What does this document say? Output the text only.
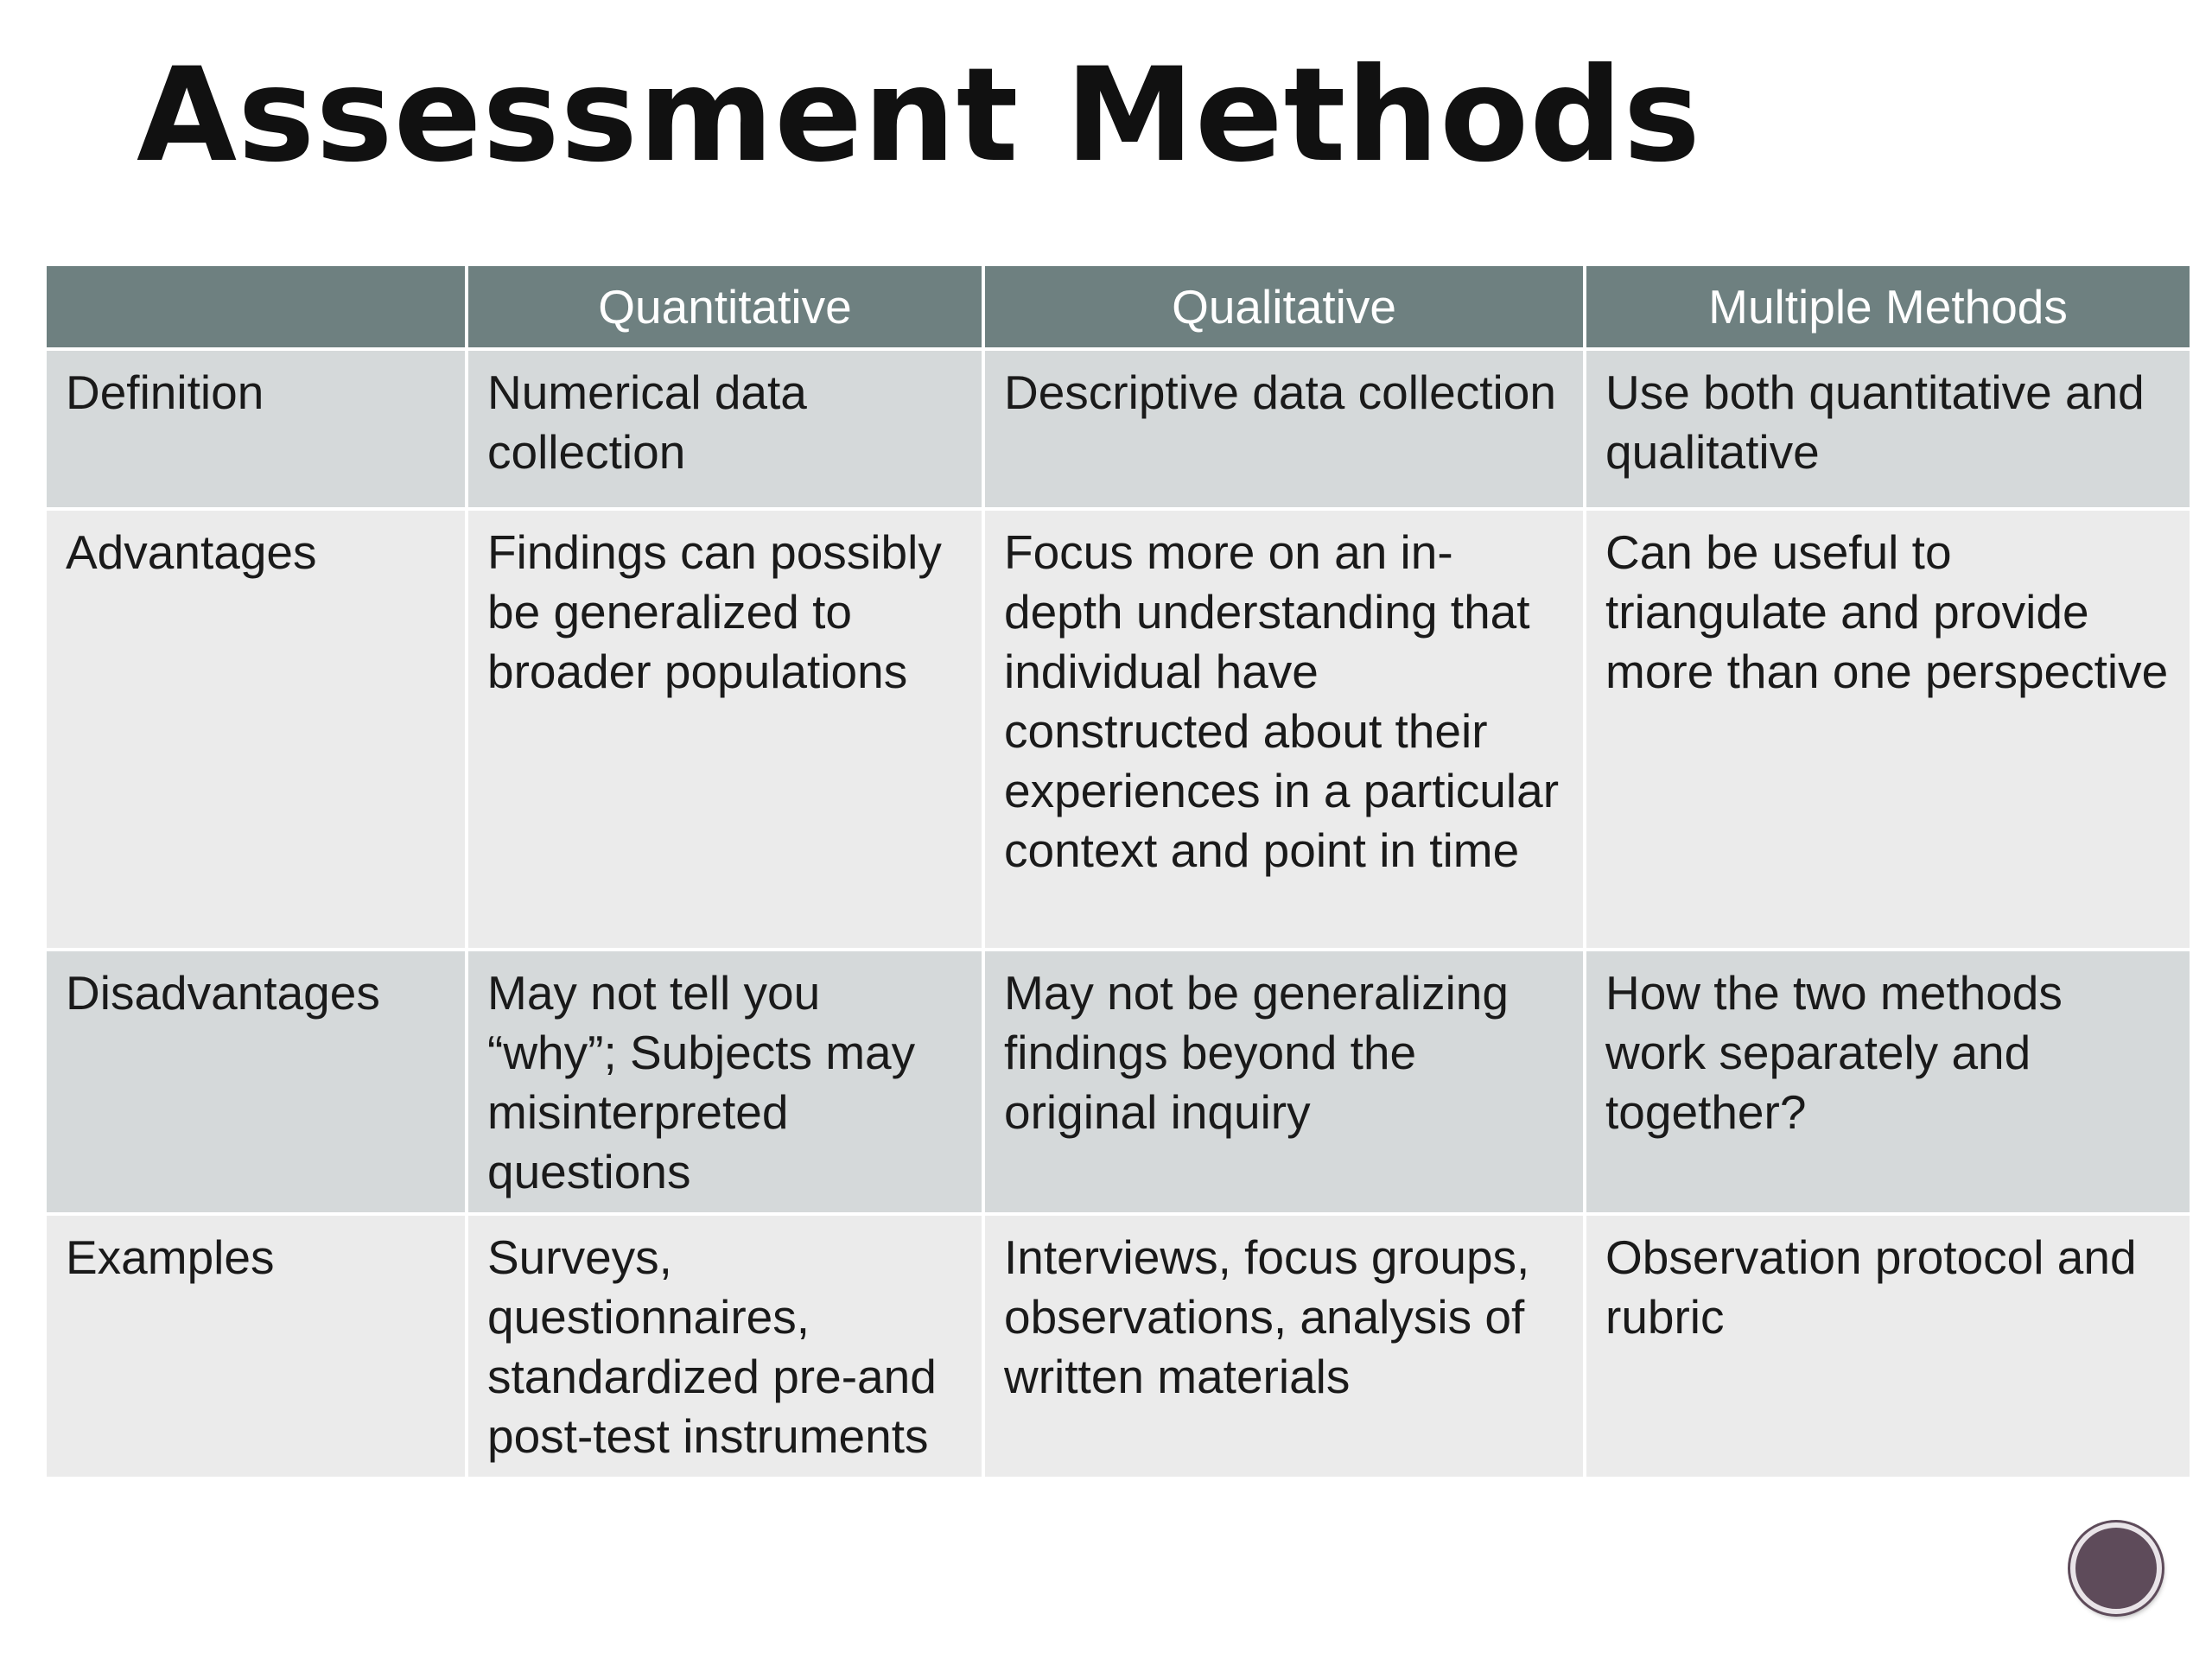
Assessment Methods
	Quantitative	Qualitative	Multiple Methods
Definition	Numerical data collection	Descriptive data collection	Use both quantitative and qualitative
Advantages	Findings can possibly be generalized to broader populations	Focus more on an in-depth understanding that individual have constructed about their experiences in a particular context and point in time	Can be useful to triangulate and provide more than one perspective
Disadvantages	May not tell you “why”; Subjects may misinterpreted questions	May not be generalizing findings beyond the original inquiry	How the two methods work separately and together?
Examples	Surveys, questionnaires, standardized pre-and post-test instruments	Interviews, focus groups, observations, analysis of written materials	Observation protocol and rubric
